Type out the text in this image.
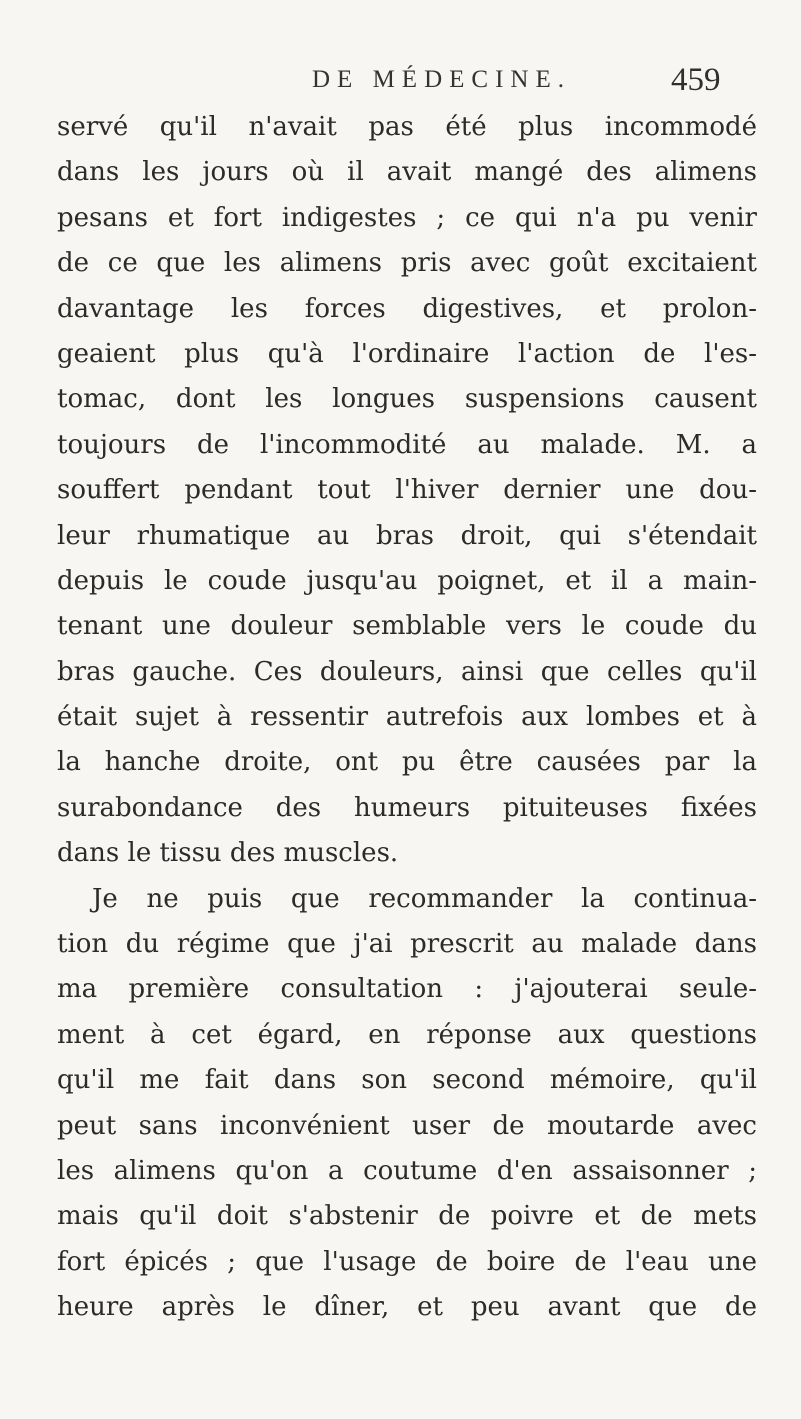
DE MÉDECINE.	459
servé qu'il n'avait pas été plus incommodé
dans les jours où il avait mangé des alimens
pesans et fort indigestes ; ce qui n'a pu venir
de ce que les alimens pris avec goût excitaient
davantage les forces digestives, et prolon-
geaient plus qu'à l'ordinaire l'action de l'es-
tomac, dont les longues suspensions causent
toujours de l'incommodité au malade. M. a
souffert pendant tout l'hiver dernier une dou-
leur rhumatique au bras droit, qui s'étendait
depuis le coude jusqu'au poignet, et il a main-
tenant une douleur semblable vers le coude du
bras gauche. Ces douleurs, ainsi que celles qu'il
était sujet à ressentir autrefois aux lombes et à
la hanche droite, ont pu être causées par la
surabondance des humeurs pituiteuses fixées
dans le tissu des muscles.
Je ne puis que recommander la continua-
tion du régime que j'ai prescrit au malade dans
ma première consultation : j'ajouterai seule-
ment à cet égard, en réponse aux questions
qu'il me fait dans son second mémoire, qu'il
peut sans inconvénient user de moutarde avec
les alimens qu'on a coutume d'en assaisonner ;
mais qu'il doit s'abstenir de poivre et de mets
fort épicés ; que l'usage de boire de l'eau une
heure après le dîner, et peu avant que de
